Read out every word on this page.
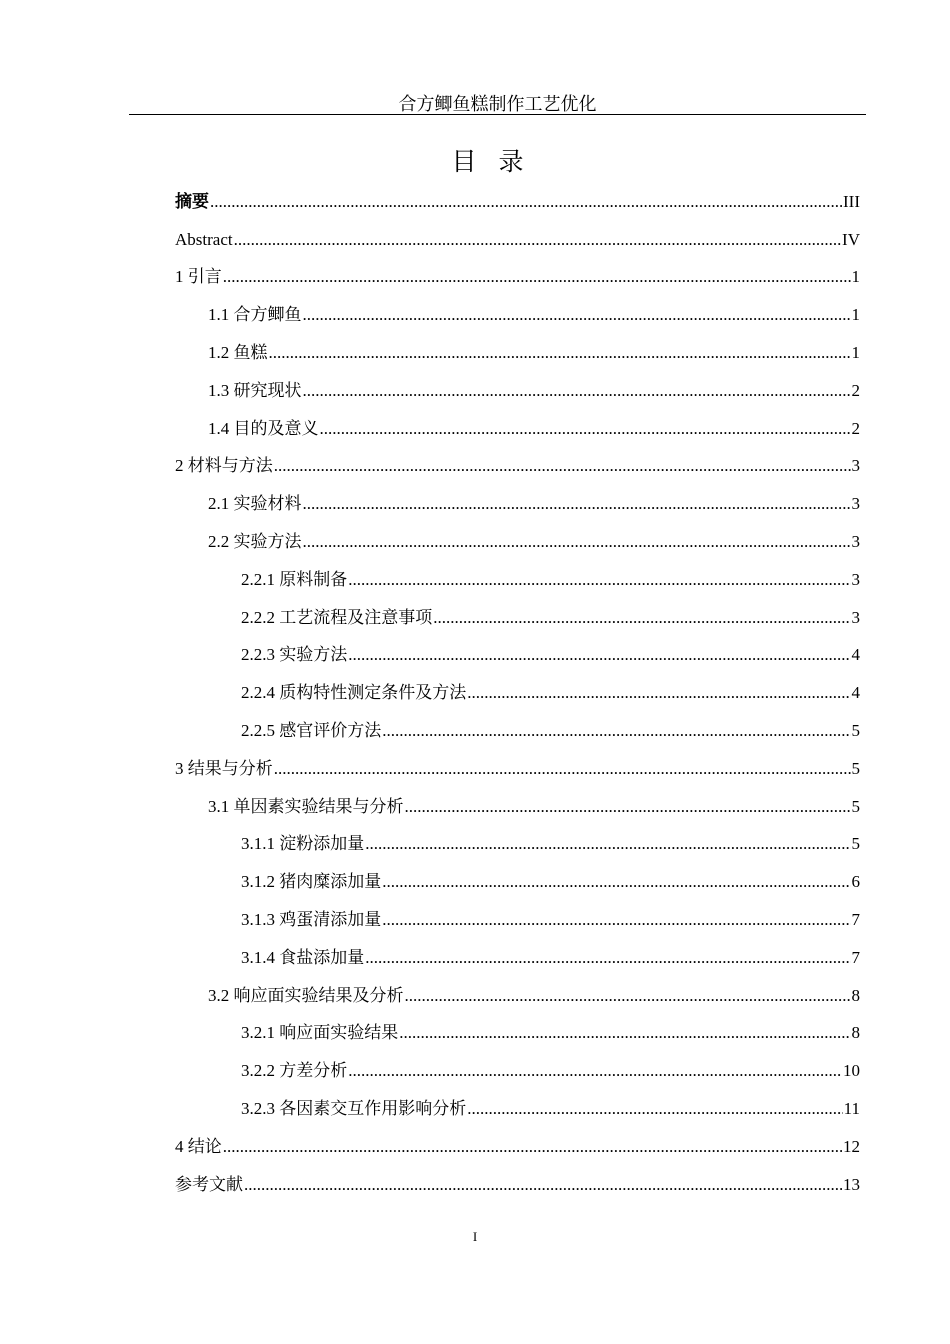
合方鲫鱼糕制作工艺优化
目录
摘要 .....	III
Abstract .....	IV
1 引言 .....	1
1.1 合方鲫鱼 .....	1
1.2 鱼糕 .....	1
1.3 研究现状 .....	2
1.4 目的及意义 .....	2
2 材料与方法 .....	3
2.1 实验材料 .....	3
2.2 实验方法 .....	3
2.2.1 原料制备 .....	3
2.2.2 工艺流程及注意事项 .....	3
2.2.3 实验方法 .....	4
2.2.4 质构特性测定条件及方法 .....	4
2.2.5 感官评价方法 .....	5
3 结果与分析 .....	5
3.1 单因素实验结果与分析 .....	5
3.1.1 淀粉添加量 .....	5
3.1.2 猪肉糜添加量 .....	6
3.1.3 鸡蛋清添加量 .....	7
3.1.4 食盐添加量 .....	7
3.2 响应面实验结果及分析 .....	8
3.2.1 响应面实验结果 .....	8
3.2.2 方差分析 .....	10
3.2.3 各因素交互作用影响分析 .....	11
4 结论 .....	12
参考文献 .....	13
I
